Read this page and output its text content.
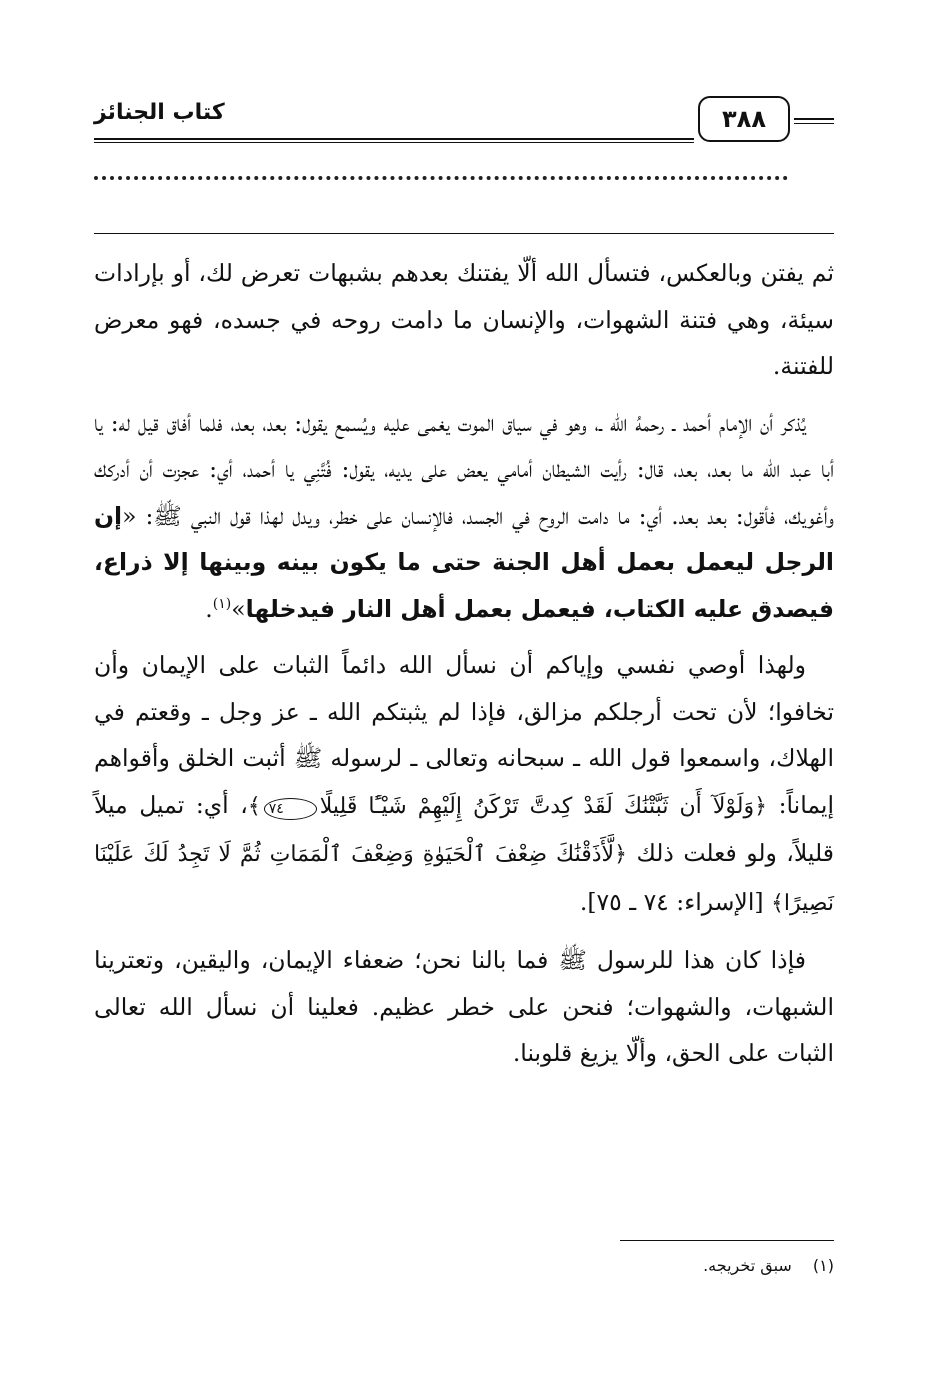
كتاب الجنائز	٣٨٨

ثم يفتن وبالعكس، فتسأل الله ألّا يفتنك بعدهم بشبهات تعرض لك، أو بإرادات سيئة، وهي فتنة الشهوات، والإنسان ما دامت روحه في جسده، فهو معرض للفتنة.

يُذكر أن الإمام أحمد ـ رحمهُ الله ـ، وهو في سياق الموت يغمى عليه ويُسمع يقول: بعد، بعد، فلما أفاق قيل له: يا أبا عبد الله ما بعد، بعد، قال: رأيت الشيطان أمامي يعض على يديه، يقول: فُتَّنِي يا أحمد، أي: عجزت أن أدركك وأغويك، فأقول: بعد بعد. أي: ما دامت الروح في الجسد، فالإنسان على خطر، ويدل لهذا قول النبي ﷺ: «إن الرجل ليعمل بعمل أهل الجنة حتى ما يكون بينه وبينها إلا ذراع، فيصدق عليه الكتاب، فيعمل بعمل أهل النار فيدخلها»$^{(١)}$.

ولهذا أوصي نفسي وإياكم أن نسأل الله دائماً الثبات على الإيمان وأن تخافوا؛ لأن تحت أرجلكم مزالق، فإذا لم يثبتكم الله ـ عز وجل ـ وقعتم في الهلاك، واسمعوا قول الله ـ سبحانه وتعالى ـ لرسوله ﷺ أثبت الخلق وأقواهم إيماناً: ﴿وَلَوْلَآ أَن ثَبَّتْنَٰكَ لَقَدْ كِدتَّ تَرْكَنُ إِلَيْهِمْ شَيْـًٔا قَلِيلًا٧٤﴾، أي: تميل ميلاً قليلاً، ولو فعلت ذلك ﴿لَّأَذَقْنَٰكَ ضِعْفَ ٱلْحَيَوٰةِ وَضِعْفَ ٱلْمَمَاتِ ثُمَّ لَا تَجِدُ لَكَ عَلَيْنَا نَصِيرًا﴾ [الإسراء: ٧٤ ـ ٧٥].

فإذا كان هذا للرسول ﷺ فما بالنا نحن؛ ضعفاء الإيمان، واليقين، وتعترينا الشبهات، والشهوات؛ فنحن على خطر عظيم. فعلينا أن نسأل الله تعالى الثبات على الحق، وألّا يزيغ قلوبنا.

(١) سبق تخريجه.
